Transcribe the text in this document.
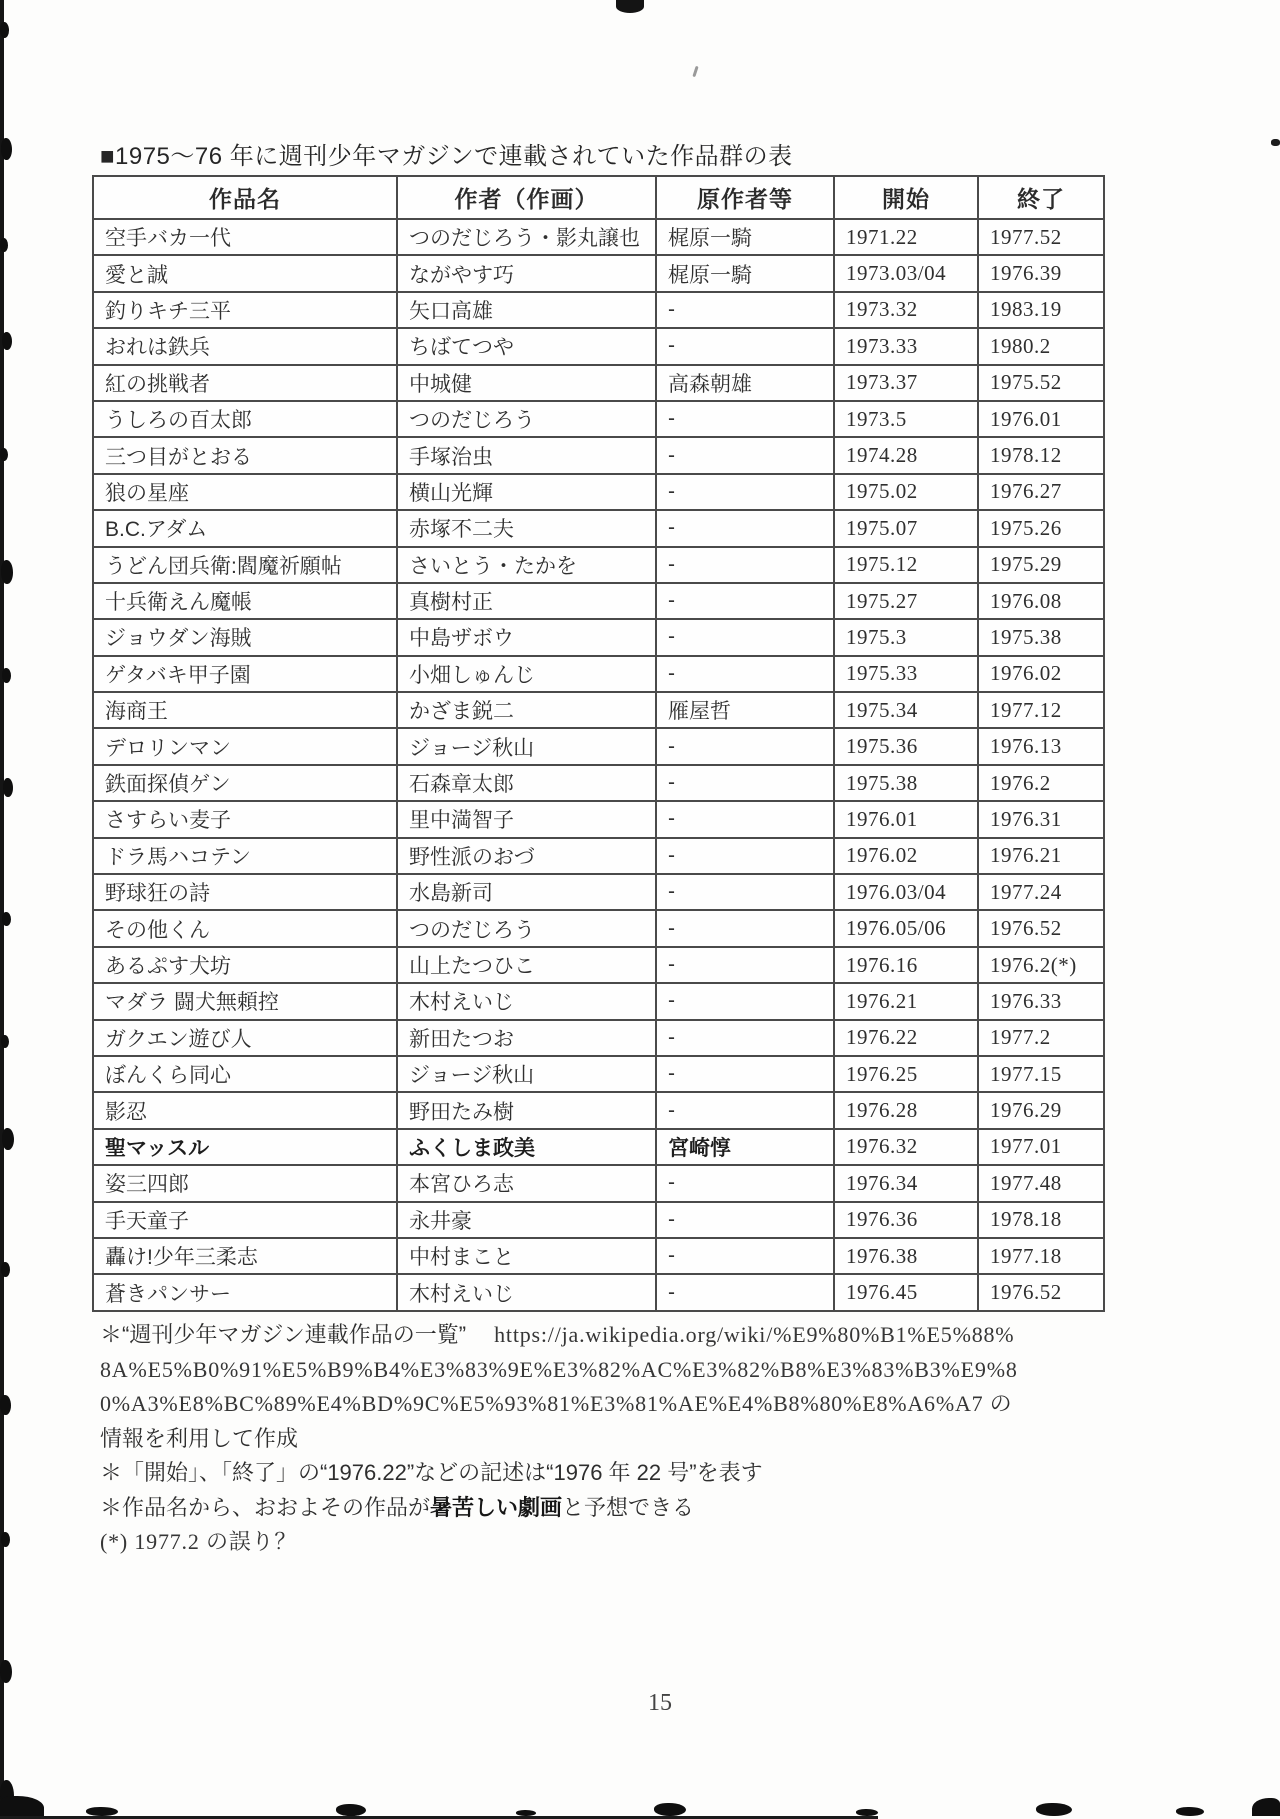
■1975～76 年に週刊少年マガジンで連載されていた作品群の表
作品名	作者（作画）	原作者等	開始	終了
空手バカ一代	つのだじろう・影丸譲也	梶原一騎	1971.22	1977.52
愛と誠	ながやす巧	梶原一騎	1973.03/04	1976.39
釣りキチ三平	矢口高雄	-	1973.32	1983.19
おれは鉄兵	ちばてつや	-	1973.33	1980.2
紅の挑戦者	中城健	高森朝雄	1973.37	1975.52
うしろの百太郎	つのだじろう	-	1973.5	1976.01
三つ目がとおる	手塚治虫	-	1974.28	1978.12
狼の星座	横山光輝	-	1975.02	1976.27
B.C.アダム	赤塚不二夫	-	1975.07	1975.26
うどん団兵衛:閻魔祈願帖	さいとう・たかを	-	1975.12	1975.29
十兵衛えん魔帳	真樹村正	-	1975.27	1976.08
ジョウダン海賊	中島ザボウ	-	1975.3	1975.38
ゲタバキ甲子園	小畑しゅんじ	-	1975.33	1976.02
海商王	かざま鋭二	雁屋哲	1975.34	1977.12
デロリンマン	ジョージ秋山	-	1975.36	1976.13
鉄面探偵ゲン	石森章太郎	-	1975.38	1976.2
さすらい麦子	里中満智子	-	1976.01	1976.31
ドラ馬ハコテン	野性派のおづ	-	1976.02	1976.21
野球狂の詩	水島新司	-	1976.03/04	1977.24
その他くん	つのだじろう	-	1976.05/06	1976.52
あるぷす犬坊	山上たつひこ	-	1976.16	1976.2(*)
マダラ 闘犬無頼控	木村えいじ	-	1976.21	1976.33
ガクエン遊び人	新田たつお	-	1976.22	1977.2
ぼんくら同心	ジョージ秋山	-	1976.25	1977.15
影忍	野田たみ樹	-	1976.28	1976.29
聖マッスル	ふくしま政美	宮崎惇	1976.32	1977.01
姿三四郎	本宮ひろ志	-	1976.34	1977.48
手天童子	永井豪	-	1976.36	1978.18
轟け!少年三柔志	中村まこと	-	1976.38	1977.18
蒼きパンサー	木村えいじ	-	1976.45	1976.52
＊“週刊少年マガジン連載作品の一覧” https://ja.wikipedia.org/wiki/%E9%80%B1%E5%88%
8A%E5%B0%91%E5%B9%B4%E3%83%9E%E3%82%AC%E3%82%B8%E3%83%B3%E9%8
0%A3%E8%BC%89%E4%BD%9C%E5%93%81%E3%81%AE%E4%B8%80%E8%A6%A7 の
情報を利用して作成
＊「開始」、「終了」の“1976.22”などの記述は“1976 年 22 号”を表す
＊作品名から、おおよその作品が暑苦しい劇画と予想できる
(*) 1977.2 の誤り？
15
